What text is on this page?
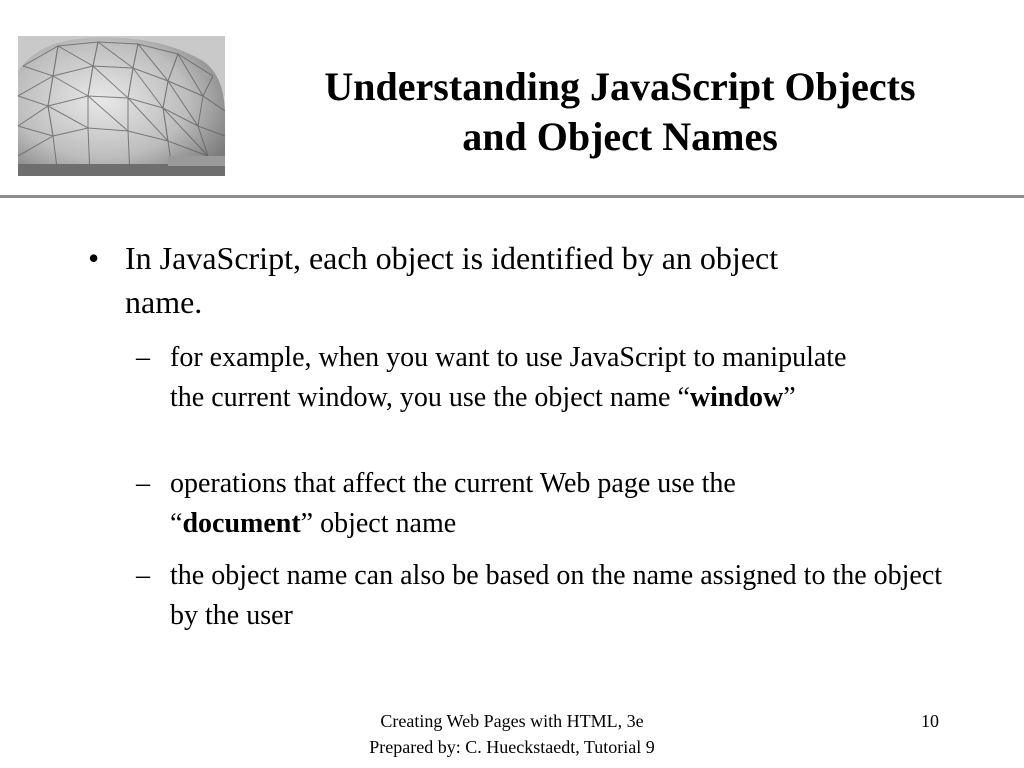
Understanding JavaScript Objects
and Object Names
• In JavaScript, each object is identified by an object name.
– for example, when you want to use JavaScript to manipulate the current window, you use the object name “window”
– operations that affect the current Web page use the “document” object name
– the object name can also be based on the name assigned to the object by the user
Creating Web Pages with HTML, 3e
Prepared by: C. Hueckstaedt, Tutorial 9
10
